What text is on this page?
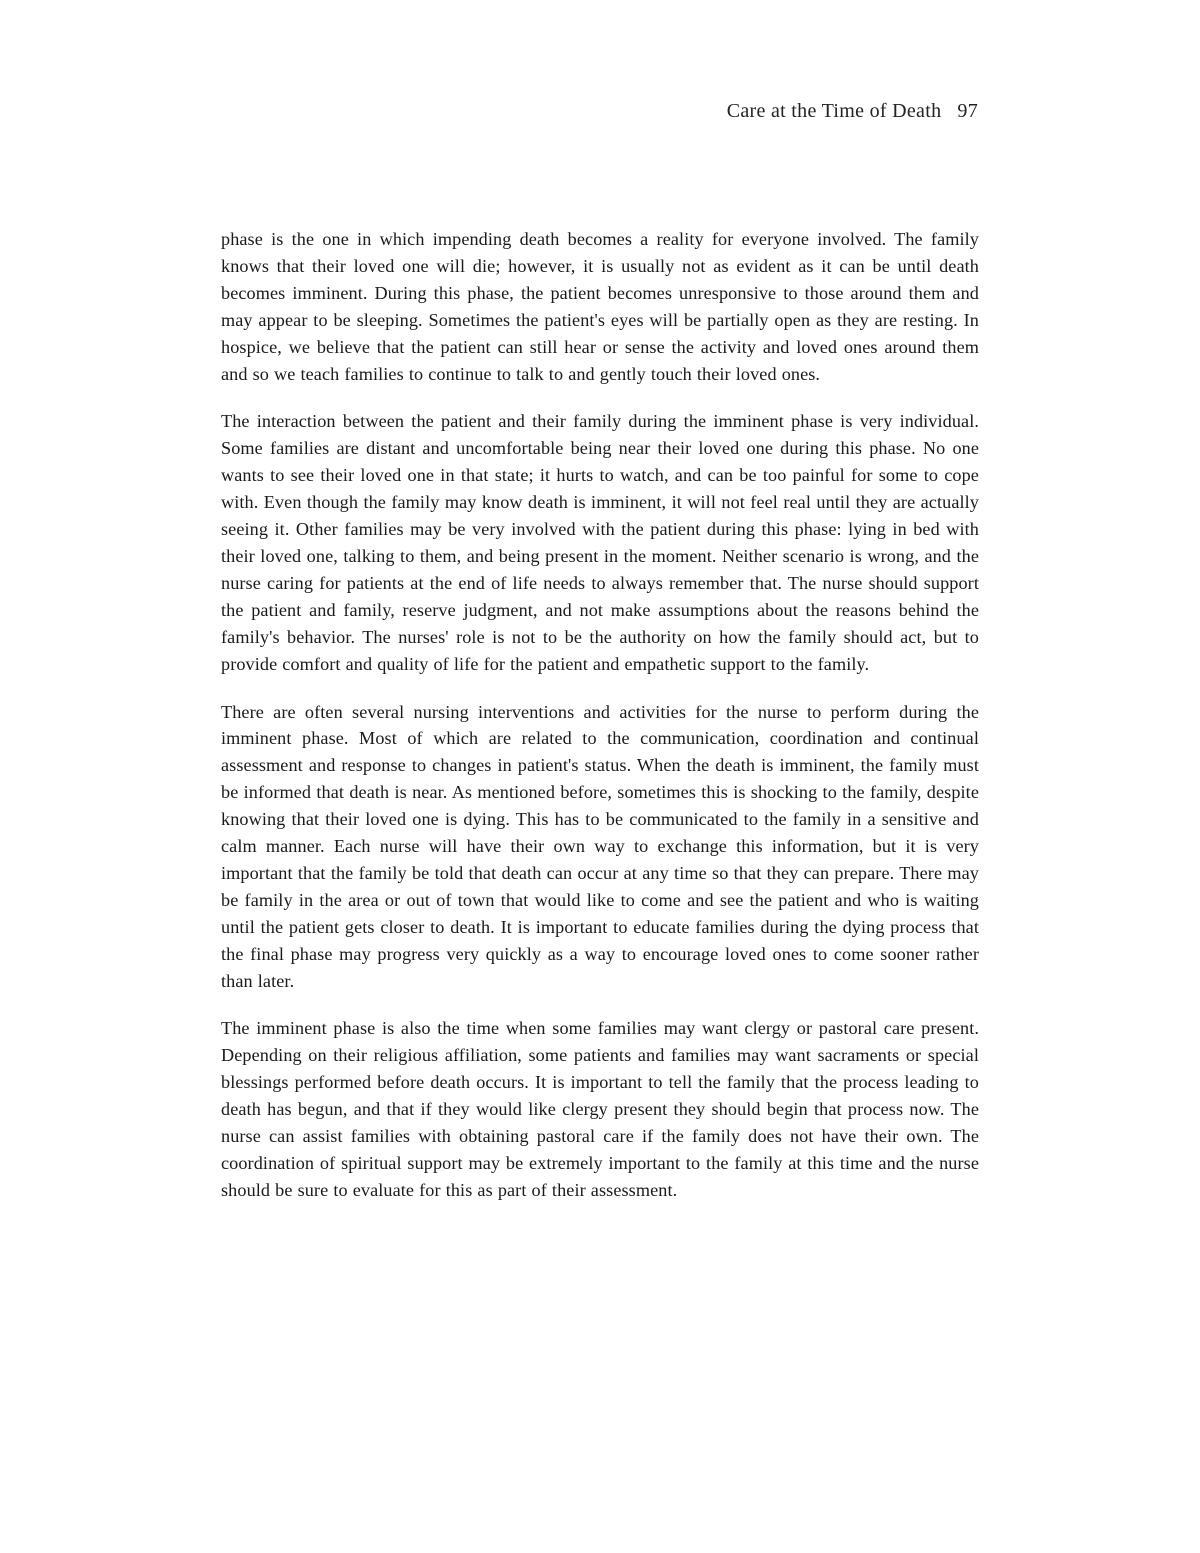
Care at the Time of Death 97

phase is the one in which impending death becomes a reality for everyone involved. The family knows that their loved one will die; however, it is usually not as evident as it can be until death becomes imminent. During this phase, the patient becomes unresponsive to those around them and may appear to be sleeping. Sometimes the patient's eyes will be partially open as they are resting. In hospice, we believe that the patient can still hear or sense the activity and loved ones around them and so we teach families to continue to talk to and gently touch their loved ones.

The interaction between the patient and their family during the imminent phase is very individual. Some families are distant and uncomfortable being near their loved one during this phase. No one wants to see their loved one in that state; it hurts to watch, and can be too painful for some to cope with. Even though the family may know death is imminent, it will not feel real until they are actually seeing it. Other families may be very involved with the patient during this phase: lying in bed with their loved one, talking to them, and being present in the moment. Neither scenario is wrong, and the nurse caring for patients at the end of life needs to always remember that. The nurse should support the patient and family, reserve judgment, and not make assumptions about the reasons behind the family's behavior. The nurses' role is not to be the authority on how the family should act, but to provide comfort and quality of life for the patient and empathetic support to the family.

There are often several nursing interventions and activities for the nurse to perform during the imminent phase. Most of which are related to the communication, coordination and continual assessment and response to changes in patient's status. When the death is imminent, the family must be informed that death is near. As mentioned before, sometimes this is shocking to the family, despite knowing that their loved one is dying. This has to be communicated to the family in a sensitive and calm manner. Each nurse will have their own way to exchange this information, but it is very important that the family be told that death can occur at any time so that they can prepare. There may be family in the area or out of town that would like to come and see the patient and who is waiting until the patient gets closer to death. It is important to educate families during the dying process that the final phase may progress very quickly as a way to encourage loved ones to come sooner rather than later.

The imminent phase is also the time when some families may want clergy or pastoral care present. Depending on their religious affiliation, some patients and families may want sacraments or special blessings performed before death occurs. It is important to tell the family that the process leading to death has begun, and that if they would like clergy present they should begin that process now. The nurse can assist families with obtaining pastoral care if the family does not have their own. The coordination of spiritual support may be extremely important to the family at this time and the nurse should be sure to evaluate for this as part of their assessment.
